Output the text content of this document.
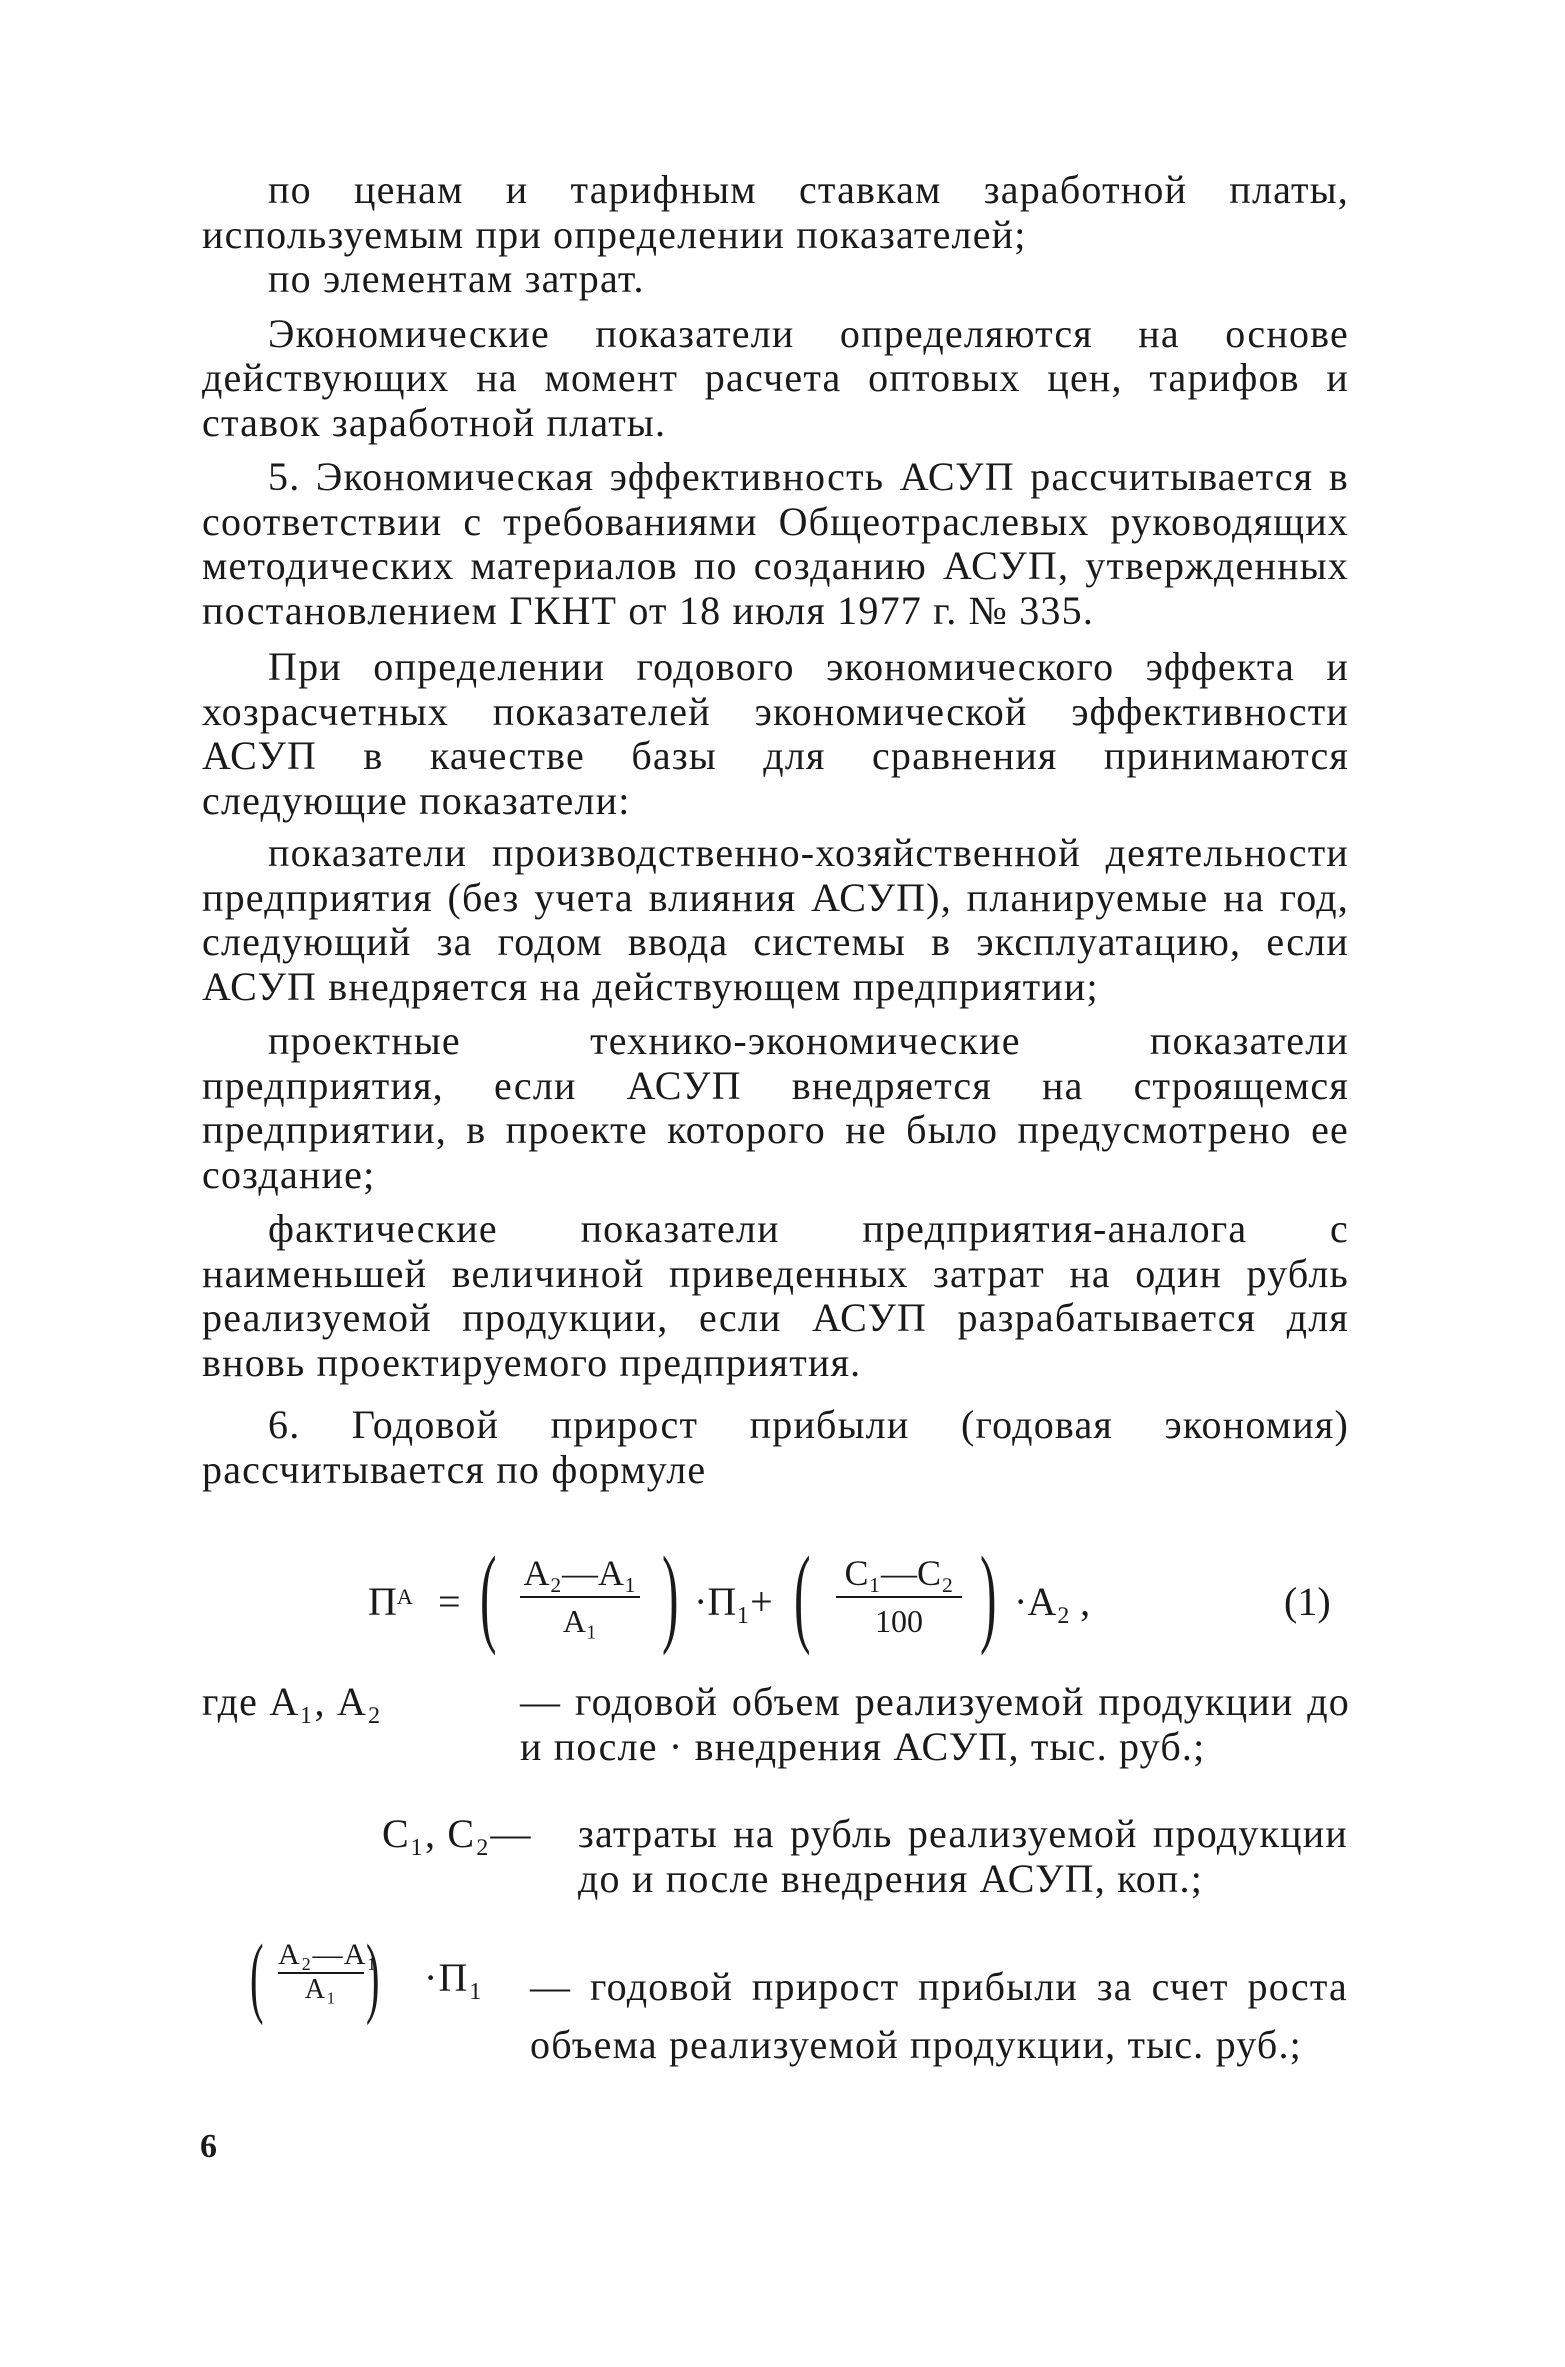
по ценам и тарифным ставкам заработной платы, используемым при определении показателей;

по элементам затрат.

Экономические показатели определяются на основе действующих на момент расчета оптовых цен, тарифов и ставок заработной платы.

5. Экономическая эффективность АСУП рассчитывается в соответствии с требованиями Общеотраслевых руководящих методических материалов по созданию АСУП, утвержденных постановлением ГКНТ от 18 июля 1977 г. № 335.

При определении годового экономического эффекта и хозрасчетных показателей экономической эффективности АСУП в качестве базы для сравнения принимаются следующие показатели:

показатели производственно-хозяйственной деятельности предприятия (без учета влияния АСУП), планируемые на год, следующий за годом ввода системы в эксплуатацию, если АСУП внедряется на действующем предприятии;

проектные технико-экономические показатели предприятия, если АСУП внедряется на строящемся предприятии, в проекте которого не было предусмотрено ее создание;

фактические показатели предприятия-аналога с наименьшей величиной приведенных затрат на один рубль реализуемой продукции, если АСУП разрабатывается для вновь проектируемого предприятия.

6. Годовой прирост прибыли (годовая экономия) рассчитывается по формуле

$П^А$ = ( А₂—А₁
А₁ ) ·П₁+ ( C₁—C₂
100 ) ·А₂ ,	(1)
где А₁, А₂	— годовой объем реализуемой продукции до и после · внедрения АСУП, тыс. руб.;
С₁, С₂— затраты на рубль реализуемой продукции до и после внедрения АСУП, коп.;
( А₂—А₁
А₁ ) ·П₁ — годовой прирост прибыли за счет роста объема реализуемой продукции, тыс. руб.;
6
